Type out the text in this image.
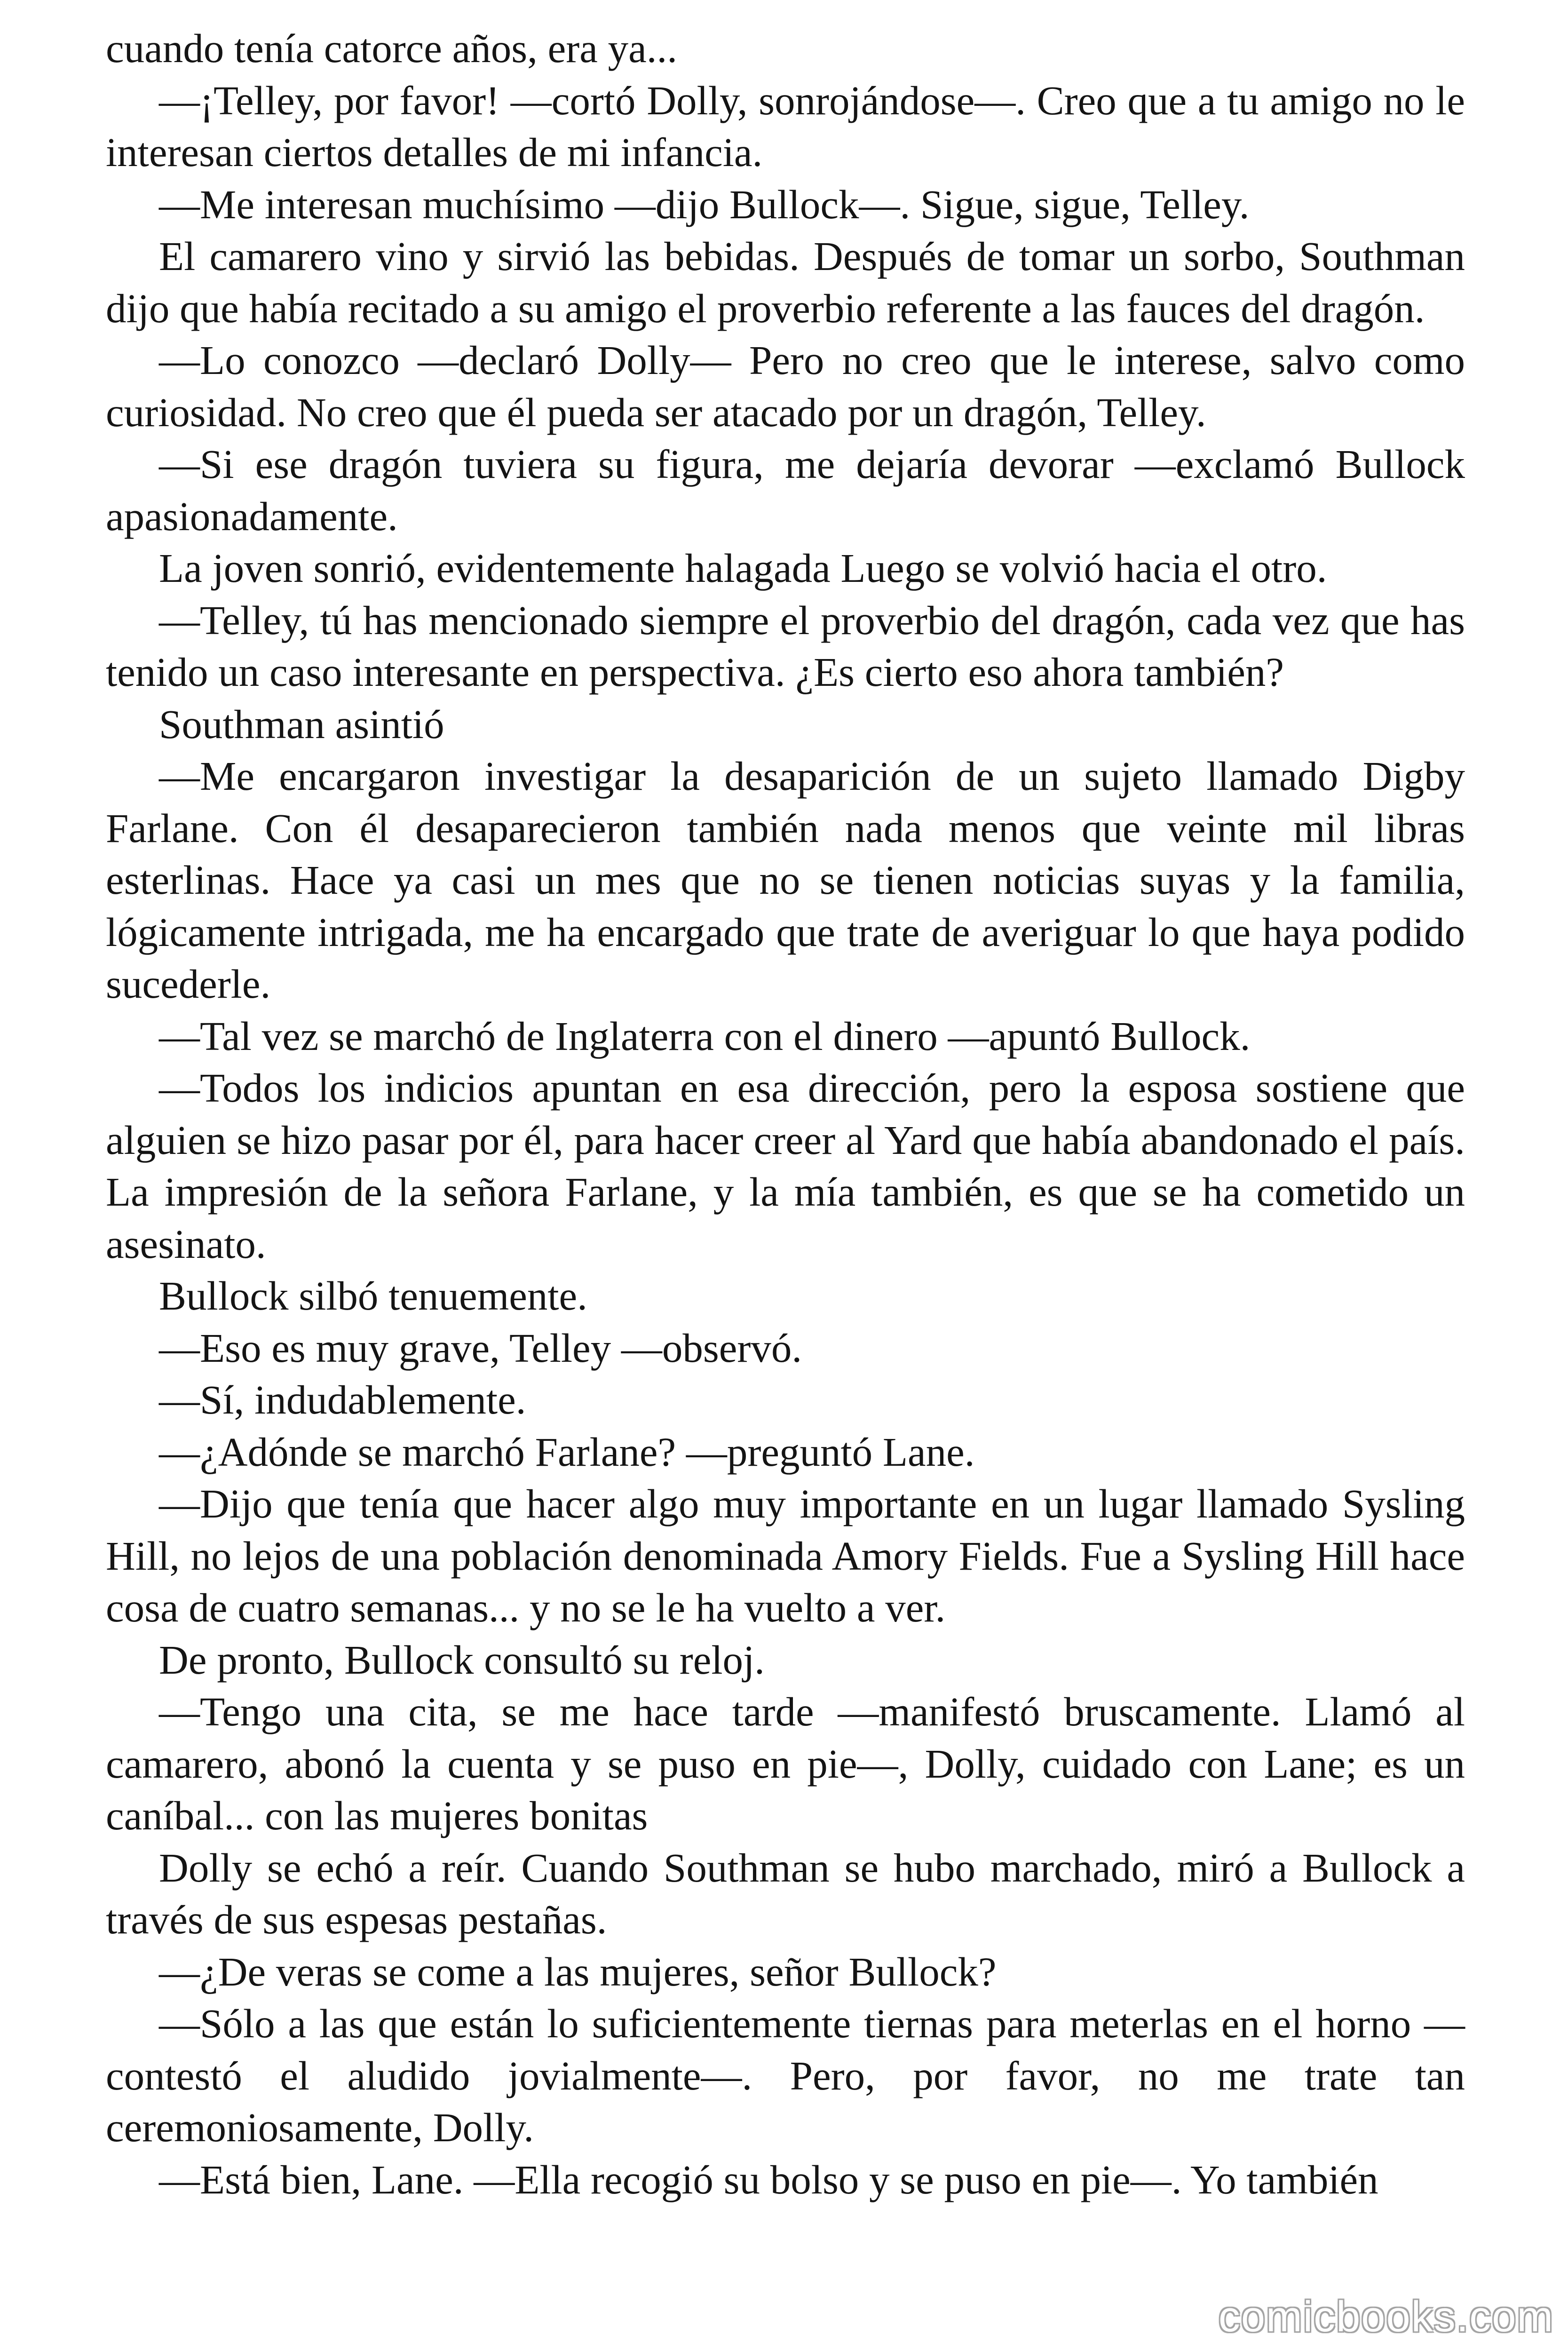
cuando tenía catorce años, era ya...

—¡Telley, por favor! —cortó Dolly, sonrojándose—. Creo que a tu amigo no le interesan ciertos detalles de mi infancia.

—Me interesan muchísimo —dijo Bullock—. Sigue, sigue, Telley.

El camarero vino y sirvió las bebidas. Después de tomar un sorbo, Southman dijo que había recitado a su amigo el proverbio referente a las fauces del dragón.

—Lo conozco —declaró Dolly— Pero no creo que le interese, salvo como curiosidad. No creo que él pueda ser atacado por un dragón, Telley.

—Si ese dragón tuviera su figura, me dejaría devorar —exclamó Bullock apasionadamente.

La joven sonrió, evidentemente halagada Luego se volvió hacia el otro.

—Telley, tú has mencionado siempre el proverbio del dragón, cada vez que has tenido un caso interesante en perspectiva. ¿Es cierto eso ahora también?

Southman asintió

—Me encargaron investigar la desaparición de un sujeto llamado Digby Farlane. Con él desaparecieron también nada menos que veinte mil libras esterlinas. Hace ya casi un mes que no se tienen noticias suyas y la familia, lógicamente intrigada, me ha encargado que trate de averiguar lo que haya podido sucederle.

—Tal vez se marchó de Inglaterra con el dinero —apuntó Bullock.

—Todos los indicios apuntan en esa dirección, pero la esposa sostiene que alguien se hizo pasar por él, para hacer creer al Yard que había abandonado el país. La impresión de la señora Farlane, y la mía también, es que se ha cometido un asesinato.

Bullock silbó tenuemente.

—Eso es muy grave, Telley —observó.

—Sí, indudablemente.

—¿Adónde se marchó Farlane? —preguntó Lane.

—Dijo que tenía que hacer algo muy importante en un lugar llamado Sysling Hill, no lejos de una población denominada Amory Fields. Fue a Sysling Hill hace cosa de cuatro semanas... y no se le ha vuelto a ver.

De pronto, Bullock consultó su reloj.

—Tengo una cita, se me hace tarde —manifestó bruscamente. Llamó al camarero, abonó la cuenta y se puso en pie—, Dolly, cuidado con Lane; es un caníbal... con las mujeres bonitas

Dolly se echó a reír. Cuando Southman se hubo marchado, miró a Bullock a través de sus espesas pestañas.

—¿De veras se come a las mujeres, señor Bullock?

—Sólo a las que están lo suficientemente tiernas para meterlas en el horno —contestó el aludido jovialmente—. Pero, por favor, no me trate tan ceremoniosamente, Dolly.

—Está bien, Lane. —Ella recogió su bolso y se puso en pie—. Yo también

comicbooks.com
